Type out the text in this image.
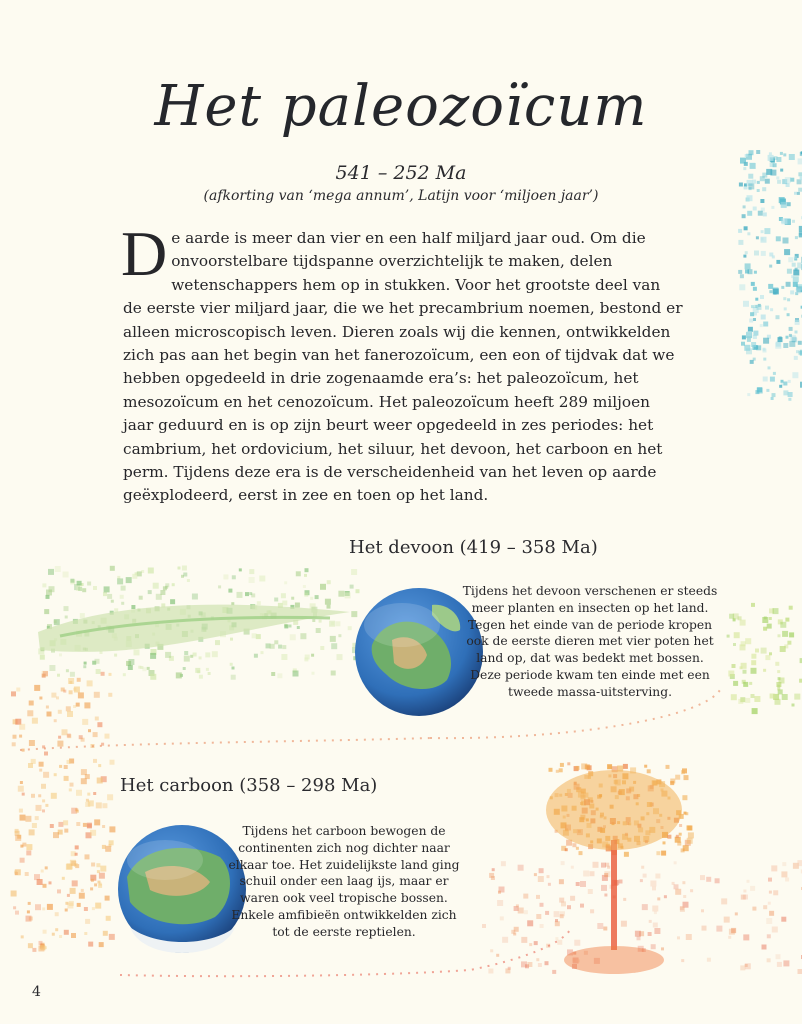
Het paleozoïcum
541 – 252 Ma
(afkorting van ‘mega annum’, Latijn voor ‘miljoen jaar’)
D e aarde is meer dan vier en een half miljard jaar oud. Om die onvoorstelbare tijdspanne overzichtelijk te maken, delen wetenschappers hem op in stukken. Voor het grootste deel van de eerste vier miljard jaar, die we het precambrium noemen, bestond er alleen microscopisch leven. Dieren zoals wij die kennen, ontwikkelden zich pas aan het begin van het fanerozoïcum, een eon of tijdvak dat we hebben opgedeeld in drie zogenaamde era’s: het paleozoïcum, het mesozoïcum en het cenozoïcum. Het paleozoïcum heeft 289 miljoen jaar geduurd en is op zijn beurt weer opgedeeld in zes periodes: het cambrium, het ordovicium, het siluur, het devoon, het carboon en het perm. Tijdens deze era is de verscheidenheid van het leven op aarde geëxplodeerd, eerst in zee en toen op het land.

Het devoon (419 – 358 Ma)
Tijdens het devoon verschenen er steeds meer planten en insecten op het land. Tegen het einde van de periode kropen ook de eerste dieren met vier poten het land op, dat was bedekt met bossen. Deze periode kwam ten einde met een tweede massa-uitsterving.
Het carboon (358 – 298 Ma)
Tijdens het carboon bewogen de continenten zich nog dichter naar elkaar toe. Het zuidelijkste land ging schuil onder een laag ijs, maar er waren ook veel tropische bossen. Enkele amfibieën ontwikkelden zich tot de eerste reptielen.
4
